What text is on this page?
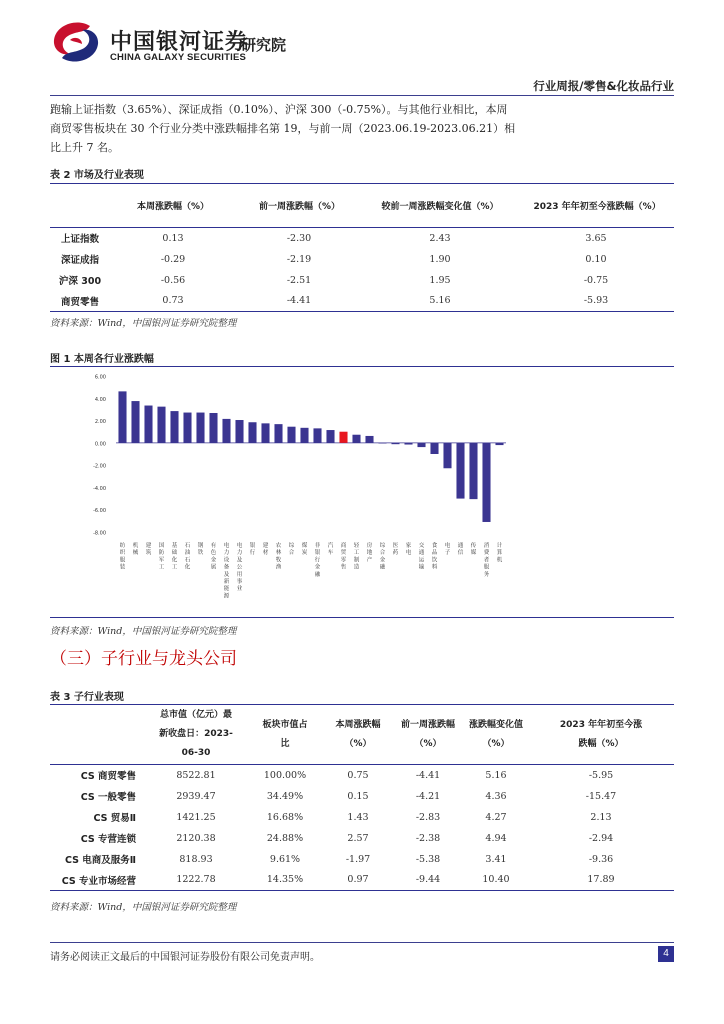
中国银河证券
CHINA GALAXY SECURITIES
研究院
行业周报/零售&化妆品行业
跑输上证指数（3.65%）、深证成指（0.10%）、沪深 300（-0.75%）。与其他行业相比，本周
商贸零售板块在 30 个行业分类中涨跌幅排名第 19，与前一周（2023.06.19-2023.06.21）相
比上升 7 名。
表 2 市场及行业表现
	本周涨跌幅（%）	前一周涨跌幅（%）	较前一周涨跌幅变化值（%）	2023 年年初至今涨跌幅（%）
上证指数	0.13	-2.30	2.43	3.65
深证成指	-0.29	-2.19	1.90	0.10
沪深 300	-0.56	-2.51	1.95	-0.75
商贸零售	0.73	-4.41	5.16	-5.93
资料来源：Wind，中国银河证券研究院整理
图 1 本周各行业涨跌幅
6.00
4.00
2.00
0.00
-2.00
-4.00
-6.00
-8.00
纺织服装
机械
建筑
国防军工
基础化工
石油石化
钢铁
有色金属
电力设备及新能源
电力及公用事业
银行
建材
农林牧渔
综合
煤炭
非银行金融
汽车
商贸零售
轻工制造
房地产
综合金融
医药
家电
交通运输
食品饮料
电子
通信
传媒
消费者服务
计算机
资料来源：Wind，中国银河证券研究院整理
（三）子行业与龙头公司
表 3 子行业表现
	总市值（亿元）最新收盘日：2023-06-30	板块市值占比	本周涨跌幅（%）	前一周涨跌幅（%）	涨跌幅变化值（%）	2023 年年初至今涨跌幅（%）
CS 商贸零售	8522.81	100.00%	0.75	-4.41	5.16	-5.95
CS 一般零售	2939.47	34.49%	0.15	-4.21	4.36	-15.47
CS 贸易Ⅱ	1421.25	16.68%	1.43	-2.83	4.27	2.13
CS 专营连锁	2120.38	24.88%	2.57	-2.38	4.94	-2.94
CS 电商及服务Ⅱ	818.93	9.61%	-1.97	-5.38	3.41	-9.36
CS 专业市场经营	1222.78	14.35%	0.97	-9.44	10.40	17.89
资料来源：Wind，中国银河证券研究院整理
请务必阅读正文最后的中国银河证券股份有限公司免责声明。	4
